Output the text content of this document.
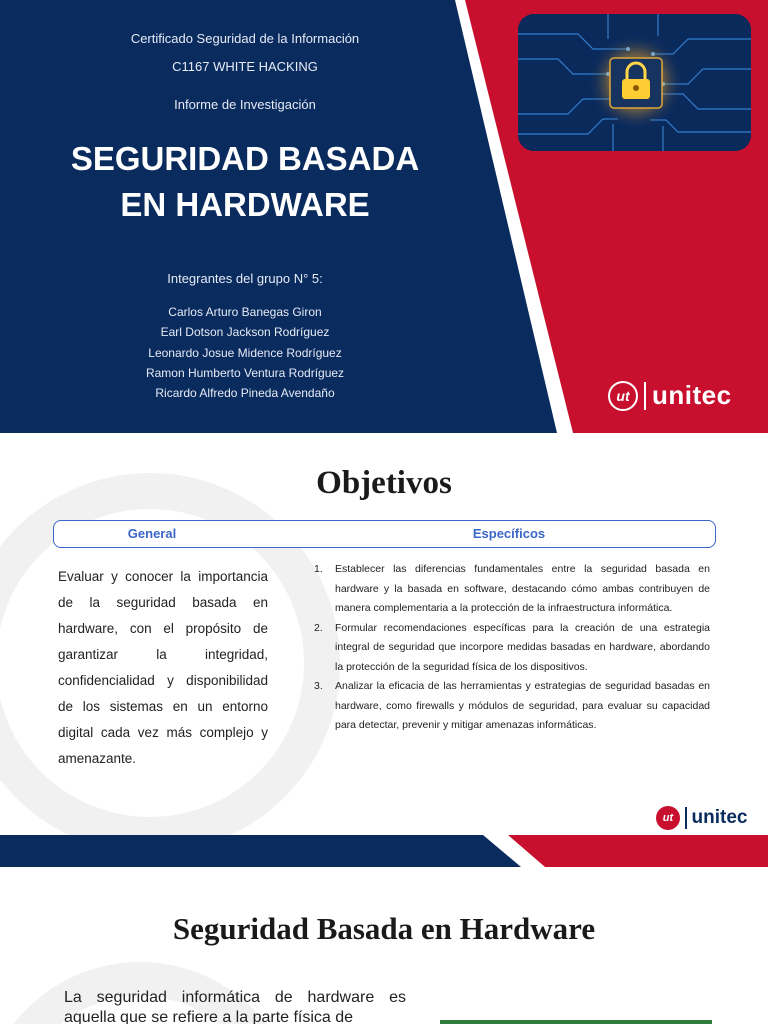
Certificado Seguridad de la Información
C1167 WHITE HACKING
Informe de Investigación
SEGURIDAD BASADA
EN HARDWARE
Integrantes del grupo N° 5:
Carlos Arturo Banegas Giron
Earl Dotson Jackson Rodríguez
Leonardo Josue Midence Rodríguez
Ramon Humberto Ventura Rodríguez
Ricardo Alfredo Pineda Avendaño	ut unitec
Objetivos
General	Específicos

Evaluar y conocer la importancia de la seguridad basada en hardware, con el propósito de garantizar la integridad, confidencialidad y disponibilidad de los sistemas en un entorno digital cada vez más complejo y amenazante.

1. Establecer las diferencias fundamentales entre la seguridad basada en hardware y la basada en software, destacando cómo ambas contribuyen de manera complementaria a la protección de la infraestructura informática.
2. Formular recomendaciones específicas para la creación de una estrategia integral de seguridad que incorpore medidas basadas en hardware, abordando la protección de la seguridad física de los dispositivos.
3. Analizar la eficacia de las herramientas y estrategias de seguridad basadas en hardware, como firewalls y módulos de seguridad, para evaluar su capacidad para detectar, prevenir y mitigar amenazas informáticas.
ut unitec
Seguridad Basada en Hardware

La seguridad informática de hardware es aquella que se refiere a la parte física de
